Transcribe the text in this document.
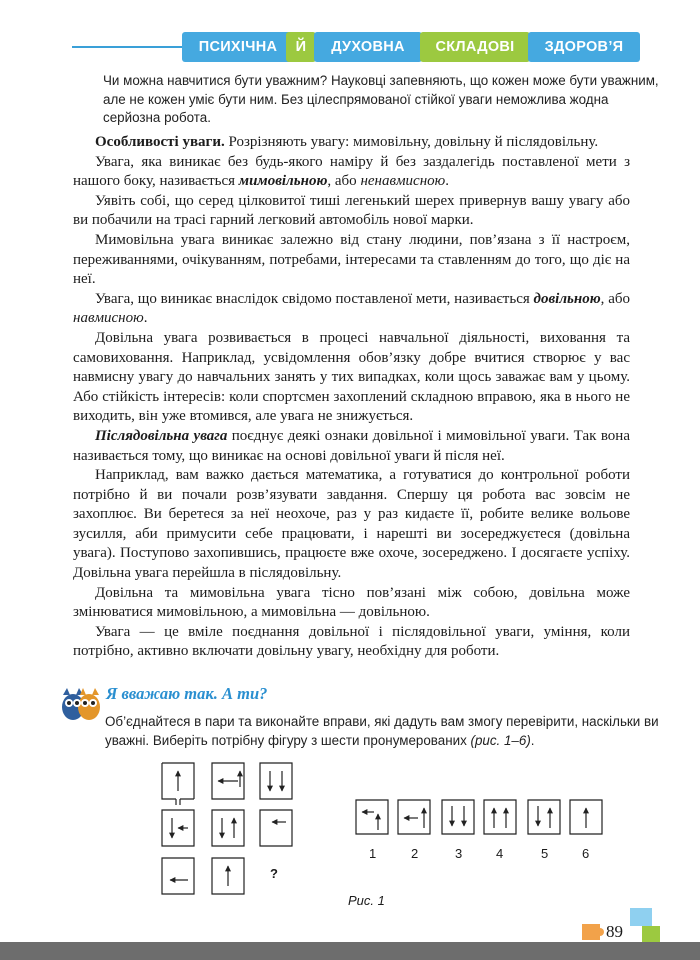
ПСИХІЧНА	Й	ДУХОВНА	СКЛАДОВІ	ЗДОРОВ’Я
Чи можна навчитися бути уважним? Науковці запевняють, що кожен може бути уважним, але не кожен уміє бути ним. Без цілеспрямованої стійкої уваги неможлива жодна серйозна робота.

Особливості уваги. Розрізняють увагу: мимовільну, довільну й післядовільну.

Увага, яка виникає без будь-якого наміру й без заздалегідь поставленої мети з нашого боку, називається мимовільною, або ненавмисною.

Уявіть собі, що серед цілковитої тиші легенький шерех привернув вашу увагу або ви побачили на трасі гарний легковий автомобіль нової марки.

Мимовільна увага виникає залежно від стану людини, пов’язана з її настроєм, переживаннями, очікуванням, потребами, інтересами та ставленням до того, що діє на неї.

Увага, що виникає внаслідок свідомо поставленої мети, називається довільною, або навмисною.

Довільна увага розвивається в процесі навчальної діяльності, виховання та самовиховання. Наприклад, усвідомлення обов’язку добре вчитися створює у вас навмисну увагу до навчальних занять у тих випадках, коли щось заважає вам у цьому. Або стійкість інтересів: коли спортсмен захоплений складною вправою, яка в нього не виходить, він уже втомився, але увага не знижується.

Післядовільна увага поєднує деякі ознаки довільної і мимовільної уваги. Так вона називається тому, що виникає на основі довільної уваги й після неї.

Наприклад, вам важко дається математика, а готуватися до контрольної роботи потрібно й ви почали розв’язувати завдання. Спершу ця робота вас зовсім не захоплює. Ви беретеся за неї неохоче, раз у раз кидаєте її, робите велике вольове зусилля, аби примусити себе працювати, і нарешті ви зосереджуєтеся (довільна увага). Поступово захопившись, працюєте вже охоче, зосереджено. І досягаєте успіху. Довільна увага перейшла в післядовільну.

Довільна та мимовільна увага тісно пов’язані між собою, довільна може змінюватися мимовільною, а мимовільна — довільною.

Увага — це вміле поєднання довільної і післядовільної уваги, уміння, коли потрібно, активно включати довільну увагу, необхідну для роботи.

Я вважаю так. А ти?
Об’єднайтеся в пари та виконайте вправи, які дадуть вам змогу перевірити, наскільки ви уважні. Виберіть потрібну фігуру з шести пронумерованих (рис. 1–6).
?
1	2	3	4	5	6
Рис. 1
89
